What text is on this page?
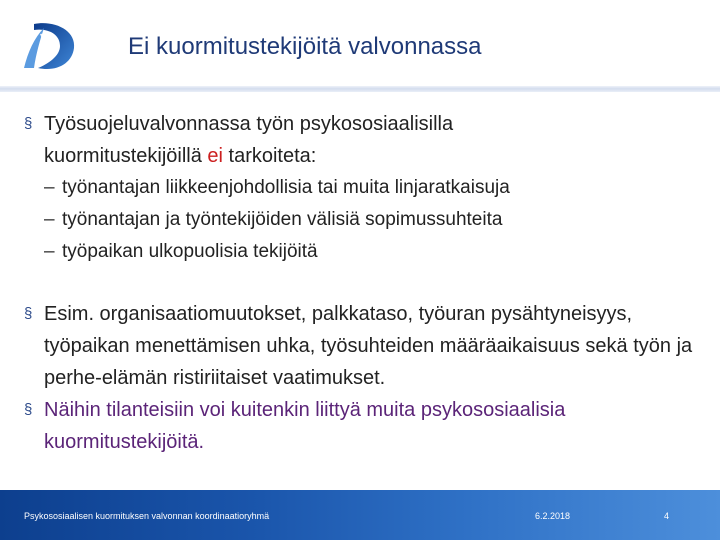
Ei kuormitustekijöitä valvonnassa
§ Työsuojeluvalvonnassa työn psykososiaalisilla
kuormitustekijöillä ei tarkoiteta:
– työnantajan liikkeenjohdollisia tai muita linjaratkaisuja
– työnantajan ja työntekijöiden välisiä sopimussuhteita
– työpaikan ulkopuolisia tekijöitä
§ Esim. organisaatiomuutokset, palkkataso, työuran pysähtyneisyys, työpaikan menettämisen uhka, työsuhteiden määräaikaisuus sekä työn ja perhe-elämän ristiriitaiset vaatimukset.
§ Näihin tilanteisiin voi kuitenkin liittyä muita psykososiaalisia kuormitustekijöitä.
Psykososiaalisen kuormituksen valvonnan koordinaatioryhmä	6.2.2018	4
